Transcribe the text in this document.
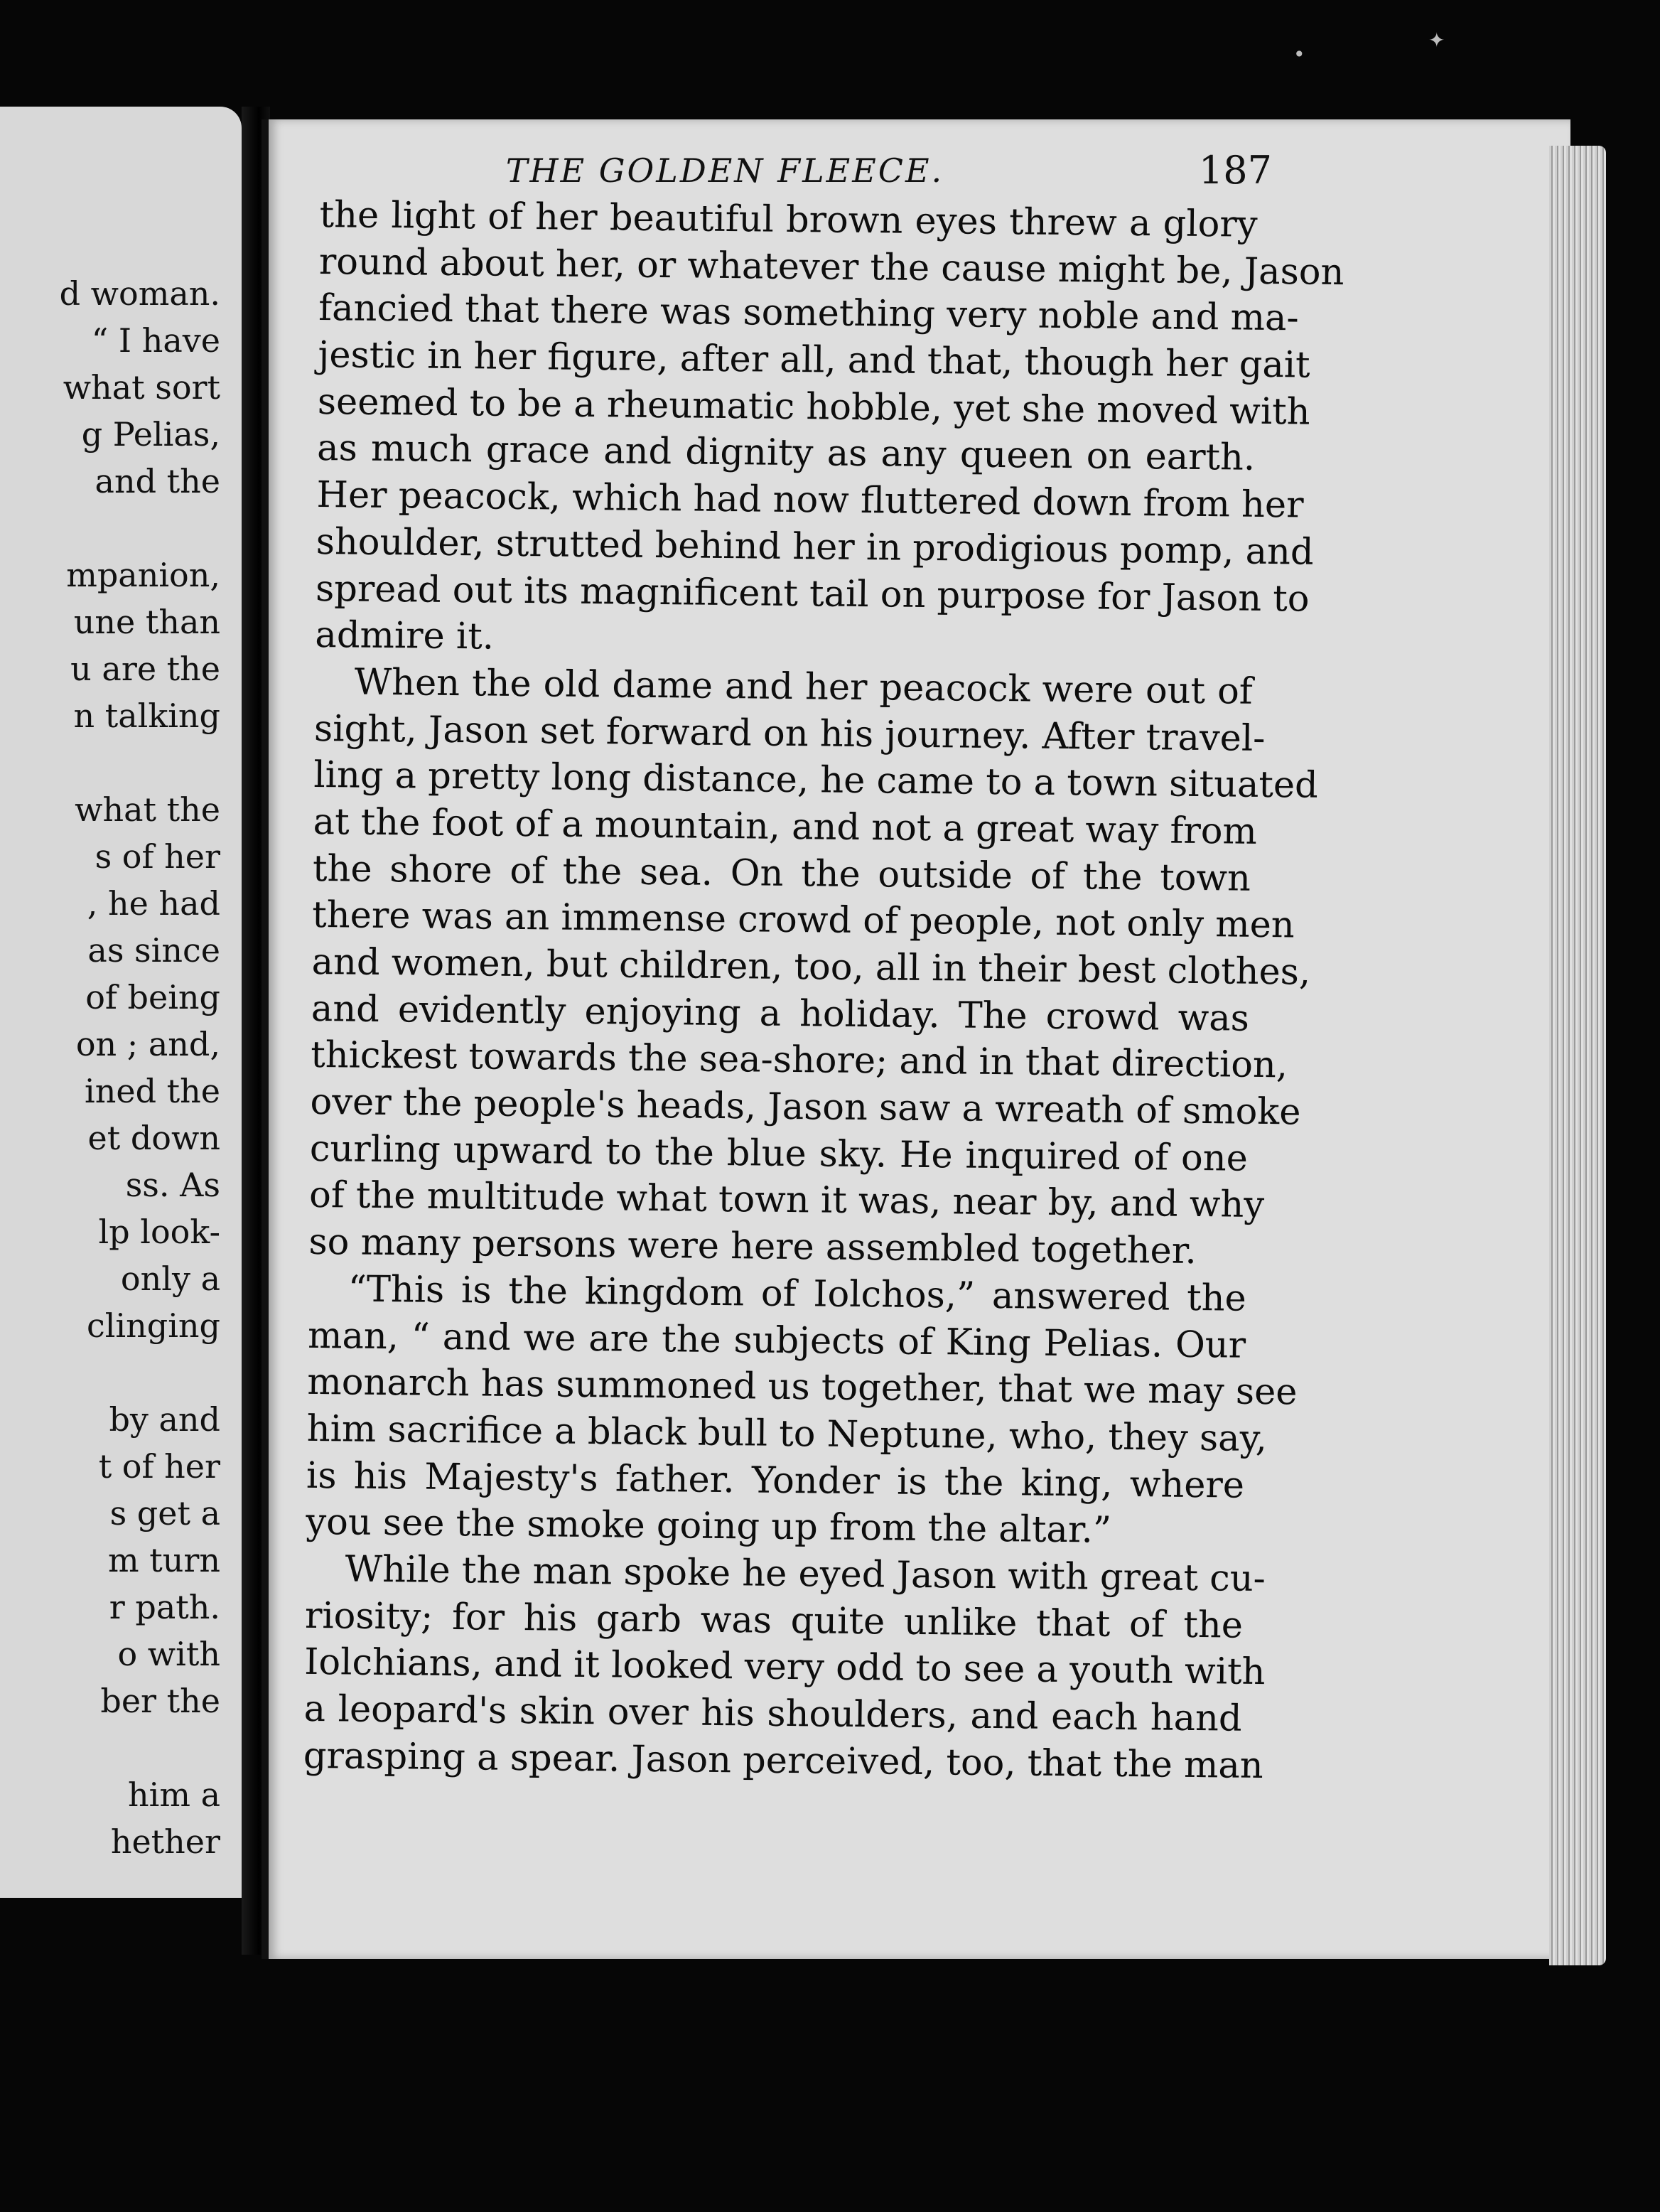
d woman.
“ I have
what sort
g Pelias,
and the
mpanion,
une than
u are the
n talking
what the
s of her
, he had
as since
of being
on ; and,
ined the
et down
ss. As
lp look-
only a
clinging
by and
t of her
s get a
m turn
r path.
o with
ber the
him a
hether
THE GOLDEN FLEECE.	187
the light of her beautiful brown eyes threw a glory
round about her, or whatever the cause might be, Jason
fancied that there was something very noble and ma-
jestic in her figure, after all, and that, though her gait
seemed to be a rheumatic hobble, yet she moved with
as much grace and dignity as any queen on earth.
Her peacock, which had now fluttered down from her
shoulder, strutted behind her in prodigious pomp, and
spread out its magnificent tail on purpose for Jason to
admire it.
When the old dame and her peacock were out of
sight, Jason set forward on his journey. After travel-
ling a pretty long distance, he came to a town situated
at the foot of a mountain, and not a great way from
the shore of the sea. On the outside of the town
there was an immense crowd of people, not only men
and women, but children, too, all in their best clothes,
and evidently enjoying a holiday. The crowd was
thickest towards the sea-shore; and in that direction,
over the people's heads, Jason saw a wreath of smoke
curling upward to the blue sky. He inquired of one
of the multitude what town it was, near by, and why
so many persons were here assembled together.
“This is the kingdom of Iolchos,” answered the
man, “ and we are the subjects of King Pelias. Our
monarch has summoned us together, that we may see
him sacrifice a black bull to Neptune, who, they say,
is his Majesty's father. Yonder is the king, where
you see the smoke going up from the altar.”
While the man spoke he eyed Jason with great cu-
riosity; for his garb was quite unlike that of the
Iolchians, and it looked very odd to see a youth with
a leopard's skin over his shoulders, and each hand
grasping a spear. Jason perceived, too, that the man
✦
•
